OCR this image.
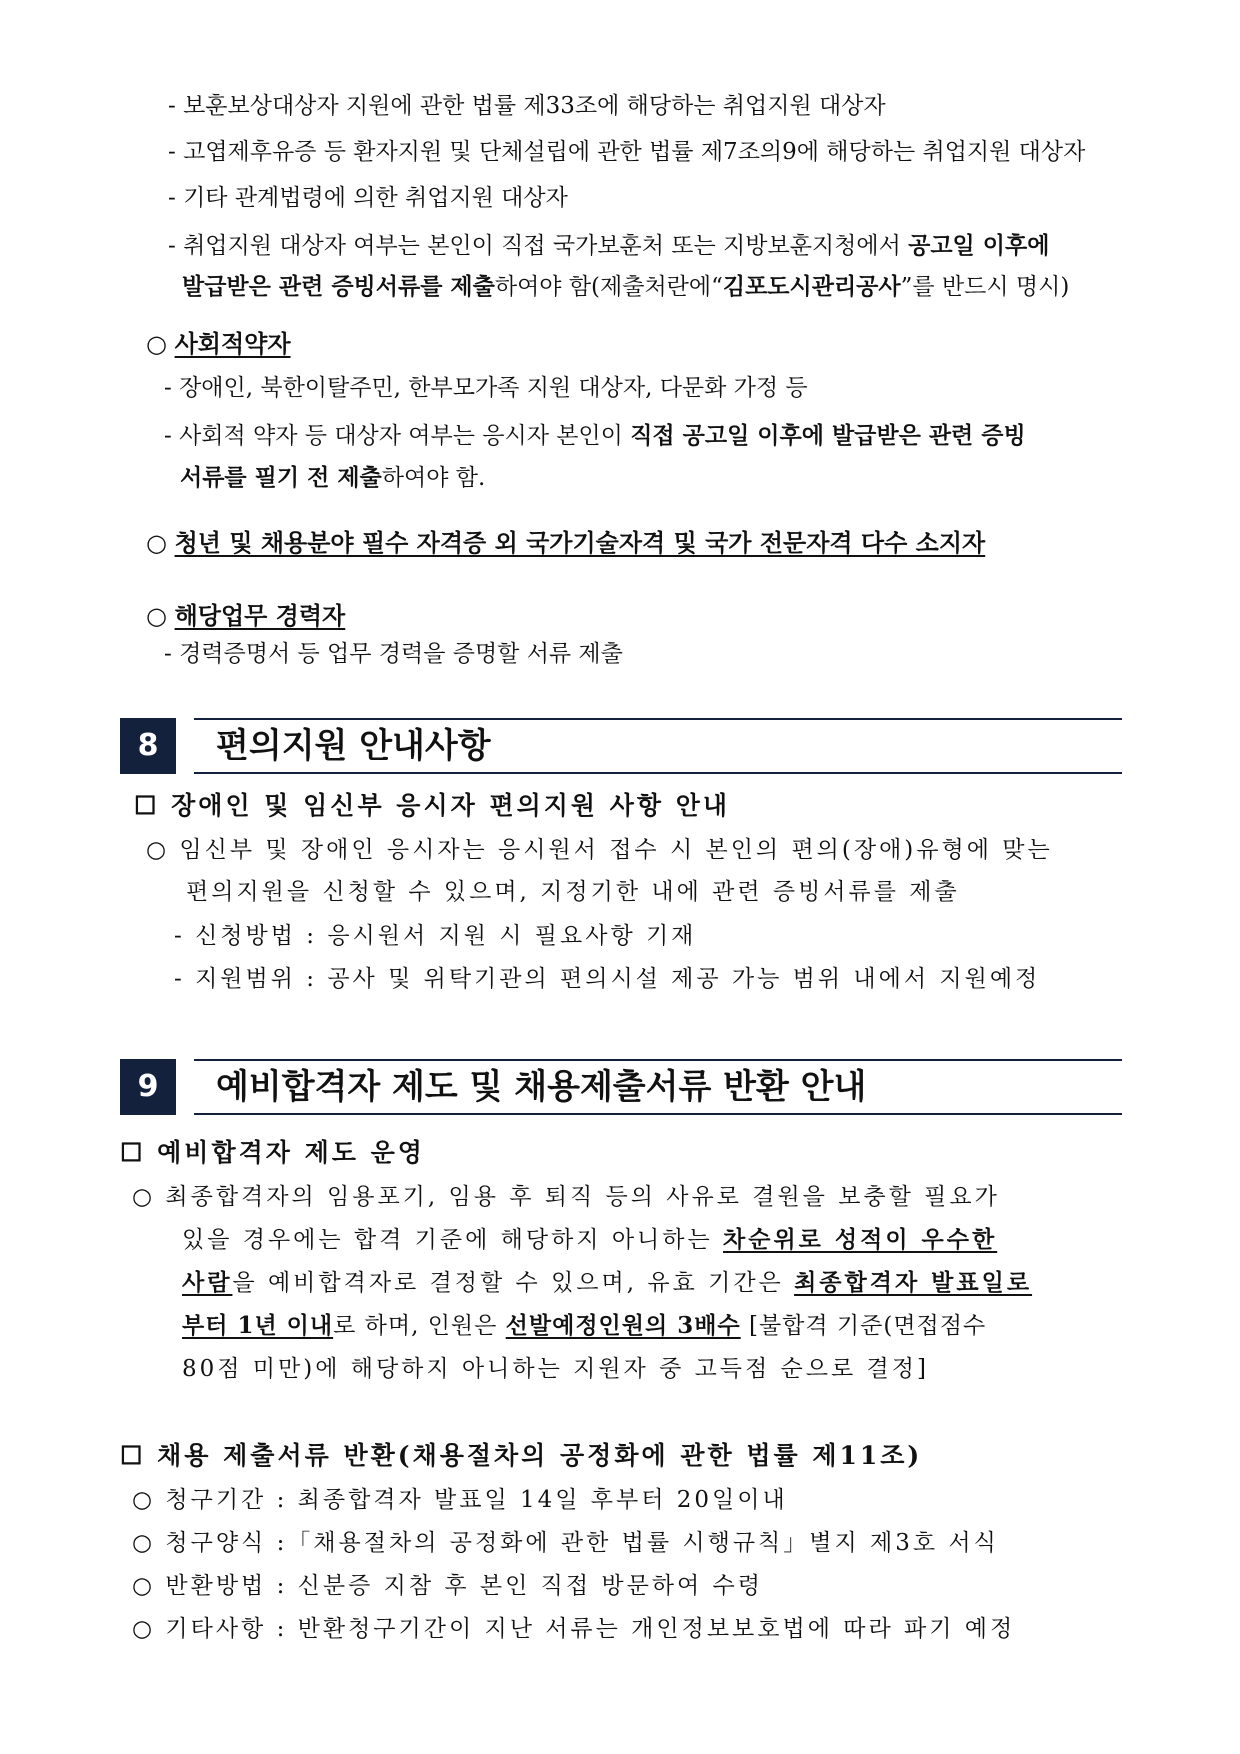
- 보훈보상대상자 지원에 관한 법률 제33조에 해당하는 취업지원 대상자
- 고엽제후유증 등 환자지원 및 단체설립에 관한 법률 제7조의9에 해당하는 취업지원 대상자
- 기타 관계법령에 의한 취업지원 대상자
- 취업지원 대상자 여부는 본인이 직접 국가보훈처 또는 지방보훈지청에서 공고일 이후에
발급받은 관련 증빙서류를 제출하여야 함(제출처란에“김포도시관리공사”를 반드시 명시)
○ 사회적약자
- 장애인, 북한이탈주민, 한부모가족 지원 대상자, 다문화 가정 등
- 사회적 약자 등 대상자 여부는 응시자 본인이 직접 공고일 이후에 발급받은 관련 증빙
서류를 필기 전 제출하여야 함.
○ 청년 및 채용분야 필수 자격증 외 국가기술자격 및 국가 전문자격 다수 소지자
○ 해당업무 경력자
- 경력증명서 등 업무 경력을 증명할 서류 제출
8	편의지원 안내사항
☐ 장애인 및 임신부 응시자 편의지원 사항 안내
○ 임신부 및 장애인 응시자는 응시원서 접수 시 본인의 편의(장애)유형에 맞는
편의지원을 신청할 수 있으며, 지정기한 내에 관련 증빙서류를 제출
- 신청방법 : 응시원서 지원 시 필요사항 기재
- 지원범위 : 공사 및 위탁기관의 편의시설 제공 가능 범위 내에서 지원예정
9	예비합격자 제도 및 채용제출서류 반환 안내
☐ 예비합격자 제도 운영
○ 최종합격자의 임용포기, 임용 후 퇴직 등의 사유로 결원을 보충할 필요가
있을 경우에는 합격 기준에 해당하지 아니하는 차순위로 성적이 우수한
사람을 예비합격자로 결정할 수 있으며, 유효 기간은 최종합격자 발표일로
부터 1년 이내로 하며, 인원은 선발예정인원의 3배수 [불합격 기준(면접점수
80점 미만)에 해당하지 아니하는 지원자 중 고득점 순으로 결정]
☐ 채용 제출서류 반환(채용절차의 공정화에 관한 법률 제11조)
○ 청구기간 : 최종합격자 발표일 14일 후부터 20일이내
○ 청구양식 :「채용절차의 공정화에 관한 법률 시행규칙」별지 제3호 서식
○ 반환방법 : 신분증 지참 후 본인 직접 방문하여 수령
○ 기타사항 : 반환청구기간이 지난 서류는 개인정보보호법에 따라 파기 예정
